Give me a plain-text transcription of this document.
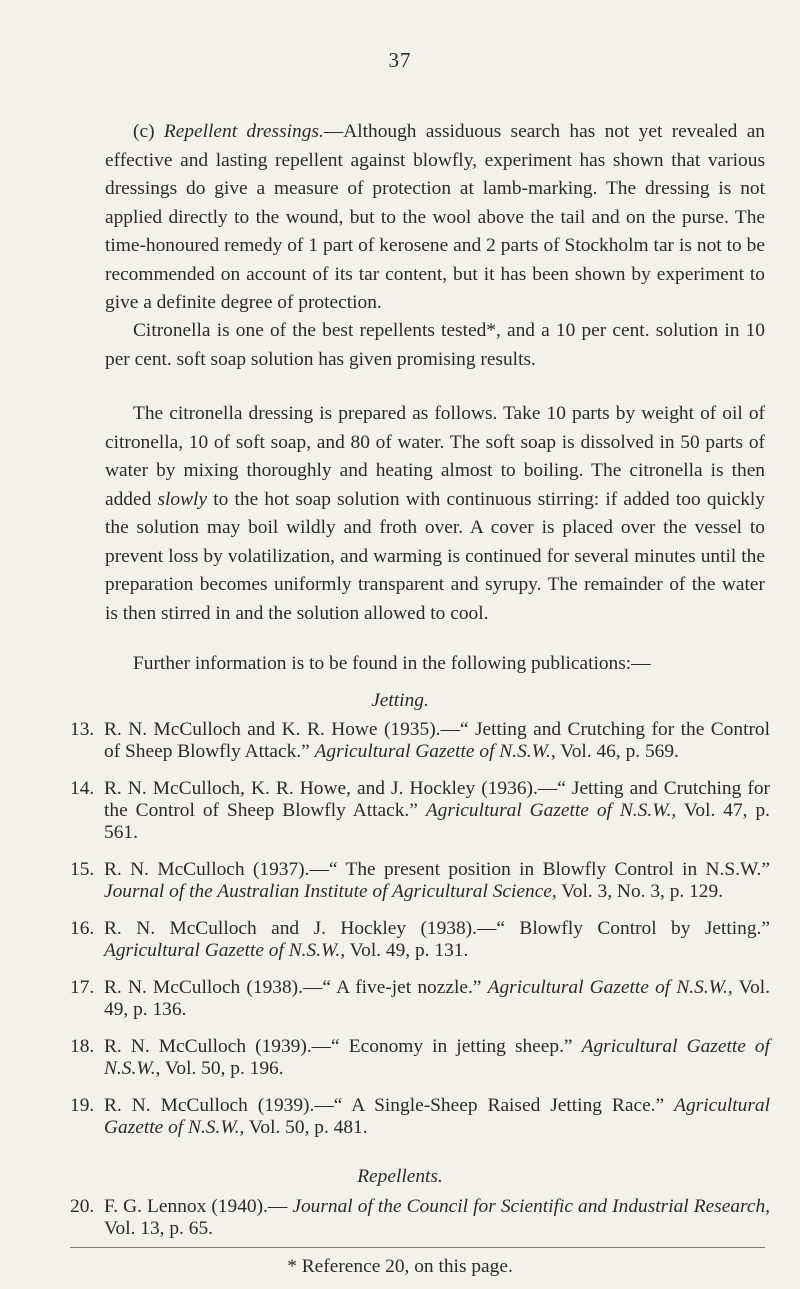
37

(c) Repellent dressings.—Although assiduous search has not yet revealed an effective and lasting repellent against blowfly, experiment has shown that various dressings do give a measure of protection at lamb-marking. The dressing is not applied directly to the wound, but to the wool above the tail and on the purse. The time-honoured remedy of 1 part of kerosene and 2 parts of Stockholm tar is not to be recommended on account of its tar content, but it has been shown by experiment to give a definite degree of protection.

Citronella is one of the best repellents tested*, and a 10 per cent. solution in 10 per cent. soft soap solution has given promising results.

The citronella dressing is prepared as follows. Take 10 parts by weight of oil of citronella, 10 of soft soap, and 80 of water. The soft soap is dissolved in 50 parts of water by mixing thoroughly and heating almost to boiling. The citronella is then added slowly to the hot soap solution with continuous stirring: if added too quickly the solution may boil wildly and froth over. A cover is placed over the vessel to prevent loss by volatilization, and warming is continued for several minutes until the preparation becomes uniformly transparent and syrupy. The remainder of the water is then stirred in and the solution allowed to cool.

Further information is to be found in the following publications:—

Jetting.
13. R. N. McCulloch and K. R. Howe (1935).—“ Jetting and Crutching for the Control of Sheep Blowfly Attack.” Agricultural Gazette of N.S.W., Vol. 46, p. 569.
14. R. N. McCulloch, K. R. Howe, and J. Hockley (1936).—“ Jetting and Crutching for the Control of Sheep Blowfly Attack.” Agricultural Gazette of N.S.W., Vol. 47, p. 561.
15. R. N. McCulloch (1937).—“ The present position in Blowfly Control in N.S.W.” Journal of the Australian Institute of Agricultural Science, Vol. 3, No. 3, p. 129.
16. R. N. McCulloch and J. Hockley (1938).—“ Blowfly Control by Jetting.” Agricultural Gazette of N.S.W., Vol. 49, p. 131.
17. R. N. McCulloch (1938).—“ A five-jet nozzle.” Agricultural Gazette of N.S.W., Vol. 49, p. 136.
18. R. N. McCulloch (1939).—“ Economy in jetting sheep.” Agricultural Gazette of N.S.W., Vol. 50, p. 196.
19. R. N. McCulloch (1939).—“ A Single-Sheep Raised Jetting Race.” Agricultural Gazette of N.S.W., Vol. 50, p. 481.
Repellents.
20. F. G. Lennox (1940).— Journal of the Council for Scientific and Industrial Research, Vol. 13, p. 65.
* Reference 20, on this page.
